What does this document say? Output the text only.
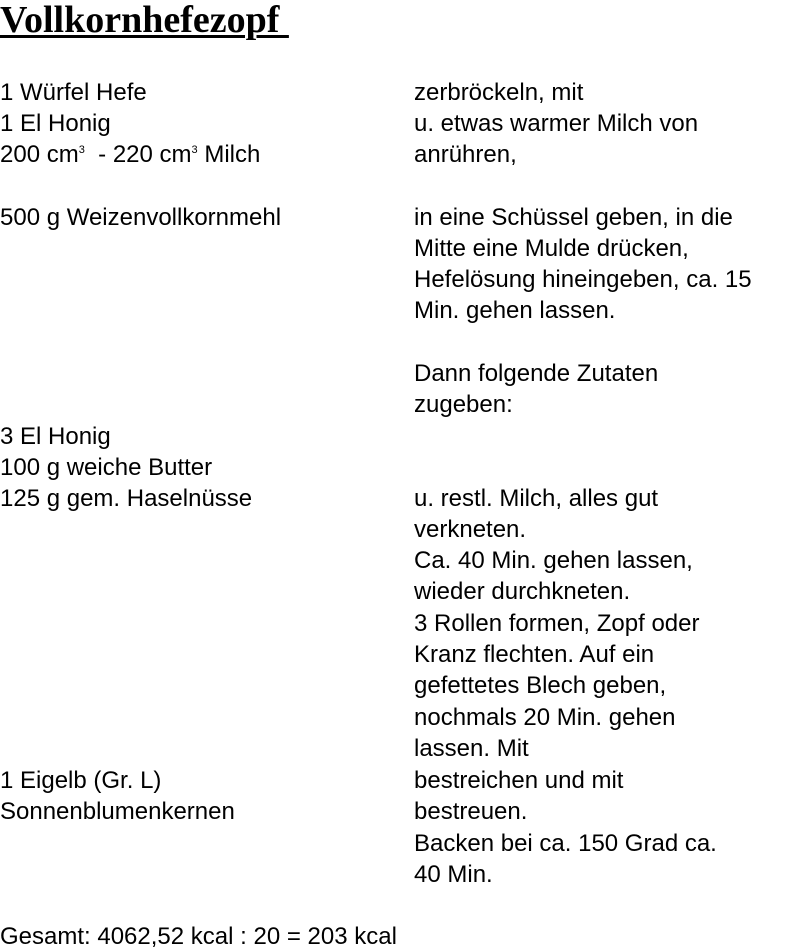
Vollkornhefezopf
1 Würfel Hefe
1 El Honig
200 $cm^3 - 220$ $cm^3$ Milch
500 g Weizenvollkornmehl
3 El Honig
100 g weiche Butter
125 g gem. Haselnüsse
1 Eigelb (Gr. L)
Sonnenblumenkernen
zerbröckeln, mit
u. etwas warmer Milch von
anrühren,
in eine Schüssel geben, in die
Mitte eine Mulde drücken,
Hefelösung hineingeben, ca. 15
Min. gehen lassen.
Dann folgende Zutaten
zugeben:
u. restl. Milch, alles gut
verkneten.
Ca. 40 Min. gehen lassen,
wieder durchkneten.
3 Rollen formen, Zopf oder
Kranz flechten. Auf ein
gefettetes Blech geben,
nochmals 20 Min. gehen
lassen. Mit
bestreichen und mit
bestreuen.
Backen bei ca. 150 Grad ca.
40 Min.
Gesamt: 4062,52 kcal : 20 = 203 kcal
